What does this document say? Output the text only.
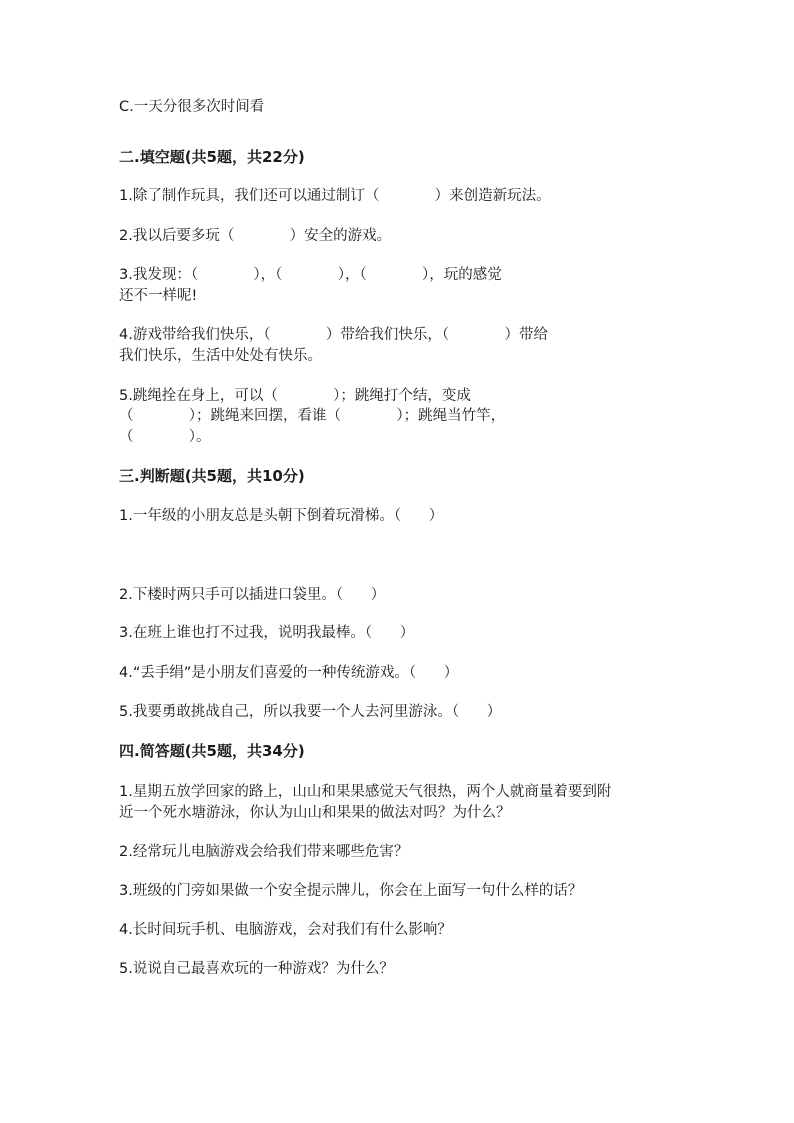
C.一天分很多次时间看
二.填空题(共5题，共22分)
1.除了制作玩具，我们还可以通过制订（            ）来创造新玩法。
2.我以后要多玩（            ）安全的游戏。
3.我发现：（            ），（            ），（            ），玩的感觉
还不一样呢!
4.游戏带给我们快乐，（            ）带给我们快乐，（            ）带给
我们快乐，生活中处处有快乐。
5.跳绳拴在身上，可以（            ）；跳绳打个结，变成
（            ）；跳绳来回摆，看谁（            ）；跳绳当竹竿，
（            ）。
三.判断题(共5题，共10分)
1.一年级的小朋友总是头朝下倒着玩滑梯。（      ）
2.下楼时两只手可以插进口袋里。（      ）
3.在班上谁也打不过我，说明我最棒。（      ）
4.“丢手绢”是小朋友们喜爱的一种传统游戏。（      ）
5.我要勇敢挑战自己，所以我要一个人去河里游泳。（      ）
四.简答题(共5题，共34分)
1.星期五放学回家的路上，山山和果果感觉天气很热，两个人就商量着要到附
近一个死水塘游泳，你认为山山和果果的做法对吗？为什么？
2.经常玩儿电脑游戏会给我们带来哪些危害？
3.班级的门旁如果做一个安全提示牌儿，你会在上面写一句什么样的话？
4.长时间玩手机、电脑游戏，会对我们有什么影响？
5.说说自己最喜欢玩的一种游戏？为什么？
